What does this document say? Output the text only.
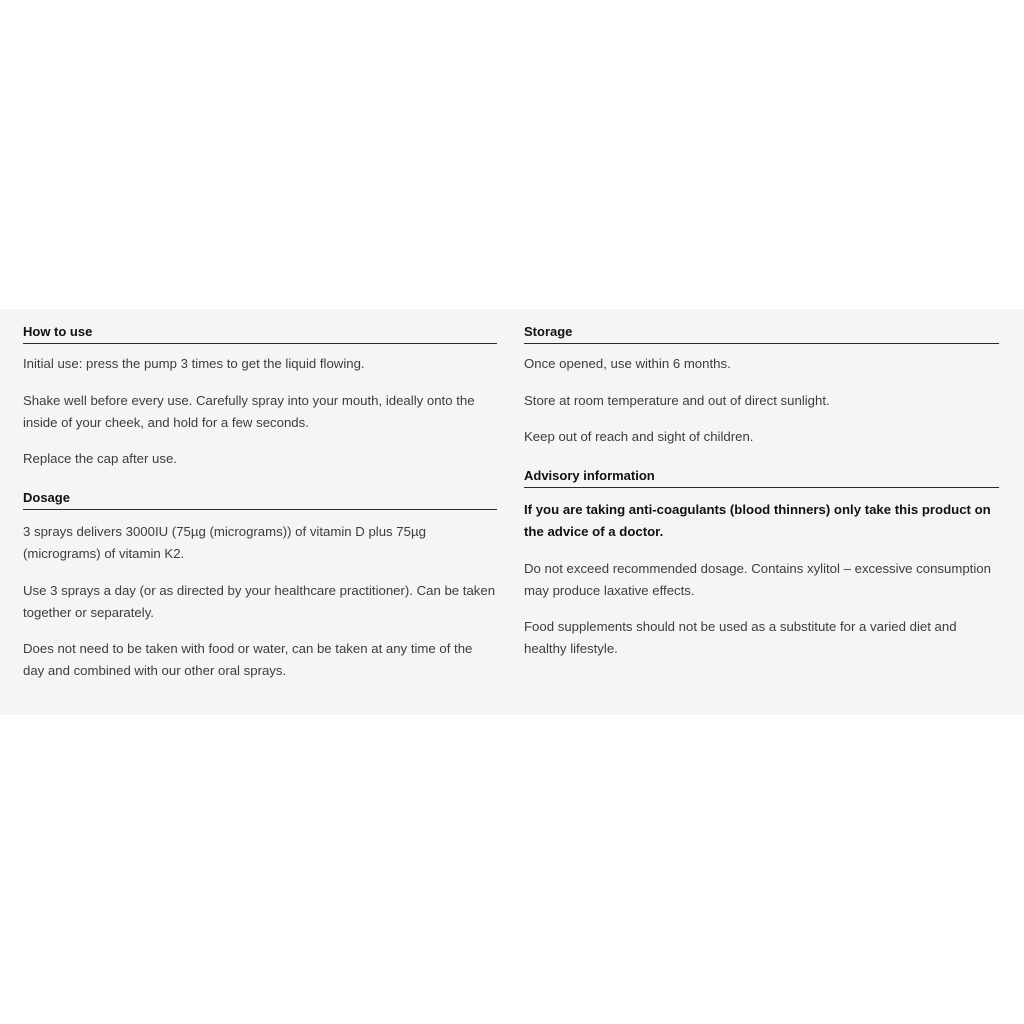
How to use

Initial use: press the pump 3 times to get the liquid flowing.

Shake well before every use. Carefully spray into your mouth, ideally onto the inside of your cheek, and hold for a few seconds.

Replace the cap after use.

Dosage

3 sprays delivers 3000IU (75µg (micrograms)) of vitamin D plus 75µg (micrograms) of vitamin K2.

Use 3 sprays a day (or as directed by your healthcare practitioner). Can be taken together or separately.

Does not need to be taken with food or water, can be taken at any time of the day and combined with our other oral sprays.

Storage

Once opened, use within 6 months.

Store at room temperature and out of direct sunlight.

Keep out of reach and sight of children.

Advisory information

If you are taking anti-coagulants (blood thinners) only take this product on the advice of a doctor.

Do not exceed recommended dosage. Contains xylitol – excessive consumption may produce laxative effects.

Food supplements should not be used as a substitute for a varied diet and healthy lifestyle.
